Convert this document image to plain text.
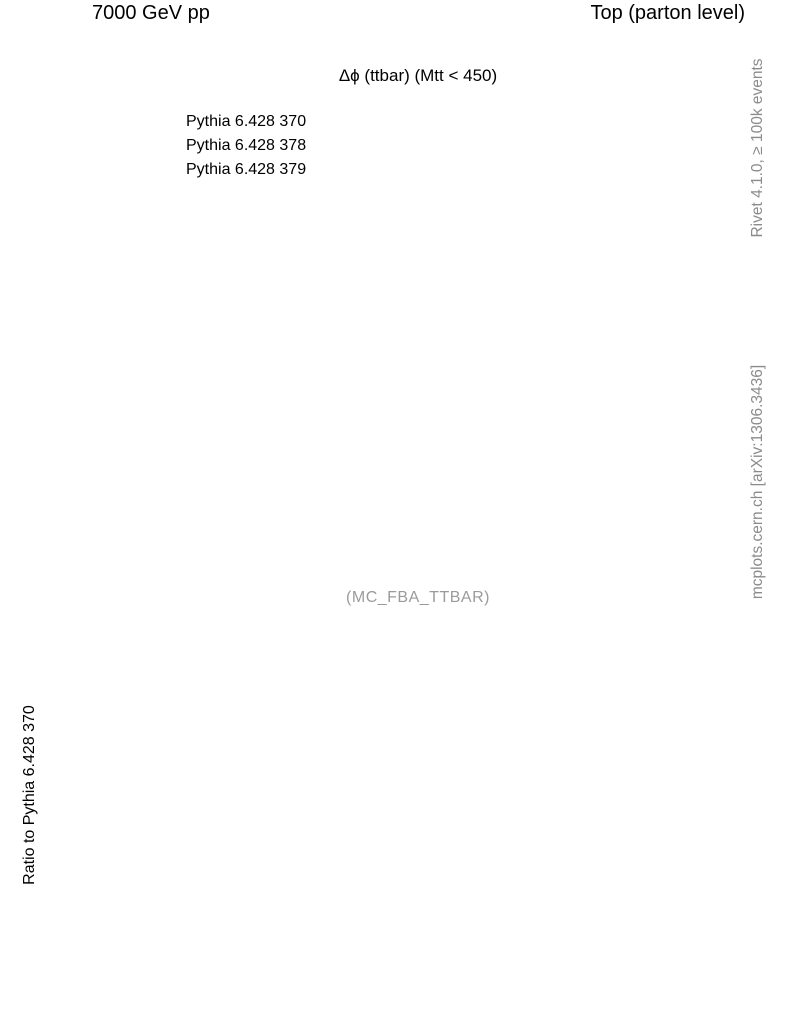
7000 GeV pp	Top (parton level)
(MC_FBA_TTBAR)
Δϕ (ttbar) (Mtt < 450)
Pythia 6.428 370
Pythia 6.428 378
Pythia 6.428 379	Rivet 4.1.0, ≥ 100k events
mcplots.cern.ch [arXiv:1306.3436]
Ratio to Pythia 6.428 370
